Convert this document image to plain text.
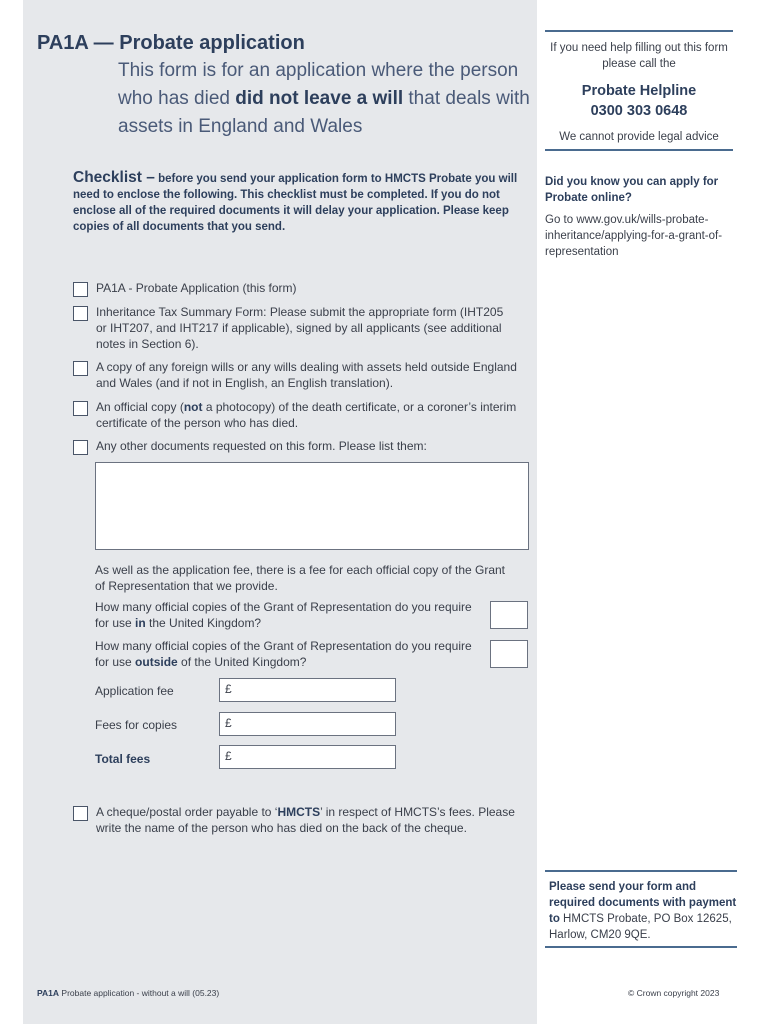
PA1A — Probate application
This form is for an application where the person who has died did not leave a will that deals with assets in England and Wales
Checklist – before you send your application form to HMCTS Probate you will need to enclose the following. This checklist must be completed. If you do not enclose all of the required documents it will delay your application. Please keep copies of all documents that you send.
PA1A - Probate Application (this form)
Inheritance Tax Summary Form: Please submit the appropriate form (IHT205 or IHT207, and IHT217 if applicable), signed by all applicants (see additional notes in Section 6).
A copy of any foreign wills or any wills dealing with assets held outside England and Wales (and if not in English, an English translation).
An official copy (not a photocopy) of the death certificate, or a coroner’s interim certificate of the person who has died.
Any other documents requested on this form. Please list them:
As well as the application fee, there is a fee for each official copy of the Grant of Representation that we provide.
How many official copies of the Grant of Representation do you require for use in the United Kingdom?
How many official copies of the Grant of Representation do you require for use outside of the United Kingdom?
Application fee	£
Fees for copies	£
Total fees	£
A cheque/postal order payable to ‘HMCTS’ in respect of HMCTS’s fees. Please write the name of the person who has died on the back of the cheque.
PA1A Probate application - without a will (05.23)
If you need help filling out this form please call the
Probate Helpline
0300 303 0648
We cannot provide legal advice
Did you know you can apply for Probate online?
Go to www.gov.uk/wills-probate-inheritance/applying-for-a-grant-of-representation
Please send your form and required documents with payment to HMCTS Probate, PO Box 12625, Harlow, CM20 9QE.
© Crown copyright 2023
